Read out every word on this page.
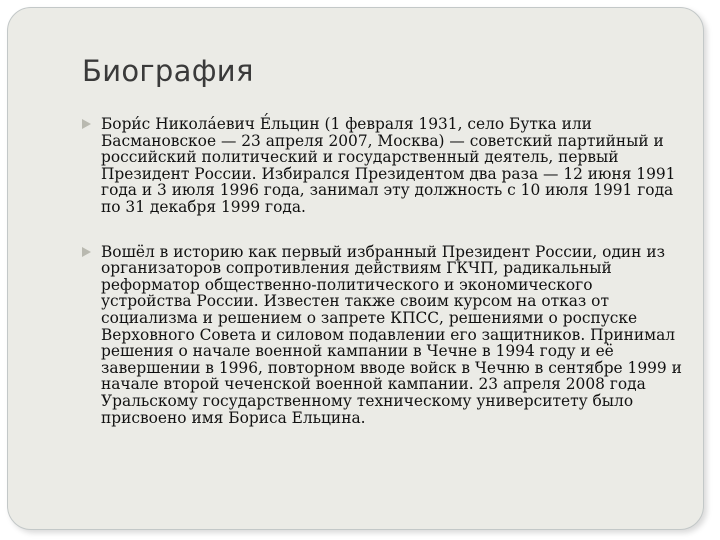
Биография
Бори́с Никола́евич Е́льцин (1 февраля 1931, село Бутка или Басмановское — 23 апреля 2007, Москва) — советский партийный и российский политический и государственный деятель, первый Президент России. Избирался Президентом два раза — 12 июня 1991 года и 3 июля 1996 года, занимал эту должность с 10 июля 1991 года по 31 декабря 1999 года.
Вошёл в историю как первый избранный Президент России, один из организаторов сопротивления действиям ГКЧП, радикальный реформатор общественно-политического и экономического устройства России. Известен также своим курсом на отказ от социализма и решением о запрете КПСС, решениями о роспуске Верховного Совета и силовом подавлении его защитников. Принимал решения о начале военной кампании в Чечне в 1994 году и её завершении в 1996, повторном вводе войск в Чечню в сентябре 1999 и начале второй чеченской военной кампании. 23 апреля 2008 года Уральскому государственному техническому университету было присвоено имя Бориса Ельцина.
